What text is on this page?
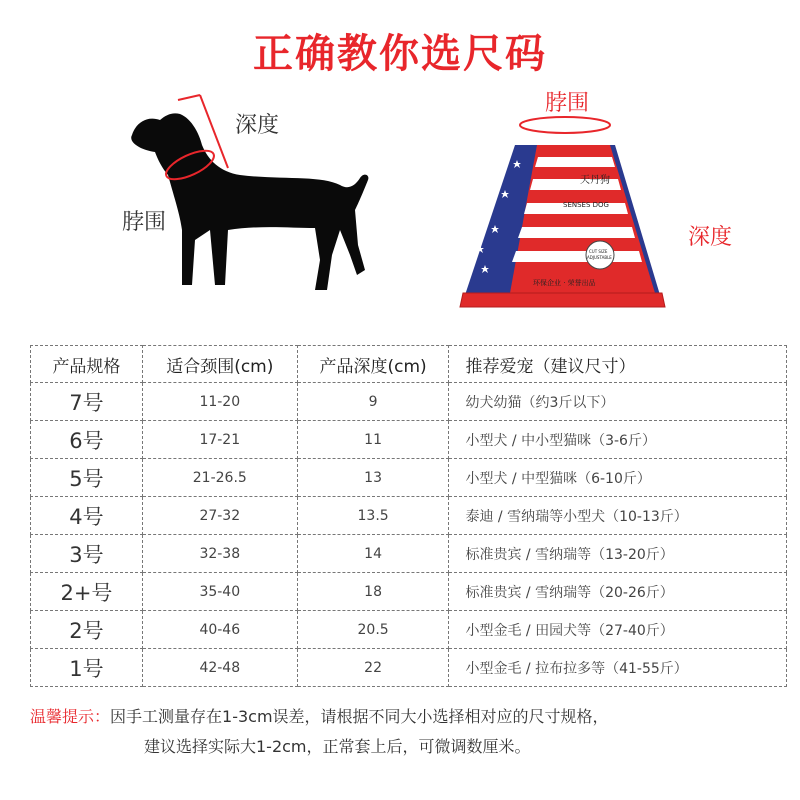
正确教你选尺码
深度
脖围
脖围
深度
天丹狗
SENSES DOG
CUT SIZE
ADJUSTABLE
环保企业 · 荣誉出品
产品规格	适合颈围(cm)	产品深度(cm)	推荐爱宠（建议尺寸）
7号	11-20	9	幼犬幼猫（约3斤以下）
6号	17-21	11	小型犬 / 中小型猫咪（3-6斤）
5号	21-26.5	13	小型犬 / 中型猫咪（6-10斤）
4号	27-32	13.5	泰迪 / 雪纳瑞等小型犬（10-13斤）
3号	32-38	14	标准贵宾 / 雪纳瑞等（13-20斤）
2+号	35-40	18	标准贵宾 / 雪纳瑞等（20-26斤）
2号	40-46	20.5	小型金毛 / 田园犬等（27-40斤）
1号	42-48	22	小型金毛 / 拉布拉多等（41-55斤）
温馨提示：因手工测量存在1-3cm误差，请根据不同大小选择相对应的尺寸规格，
建议选择实际大1-2cm，正常套上后，可微调数厘米。
